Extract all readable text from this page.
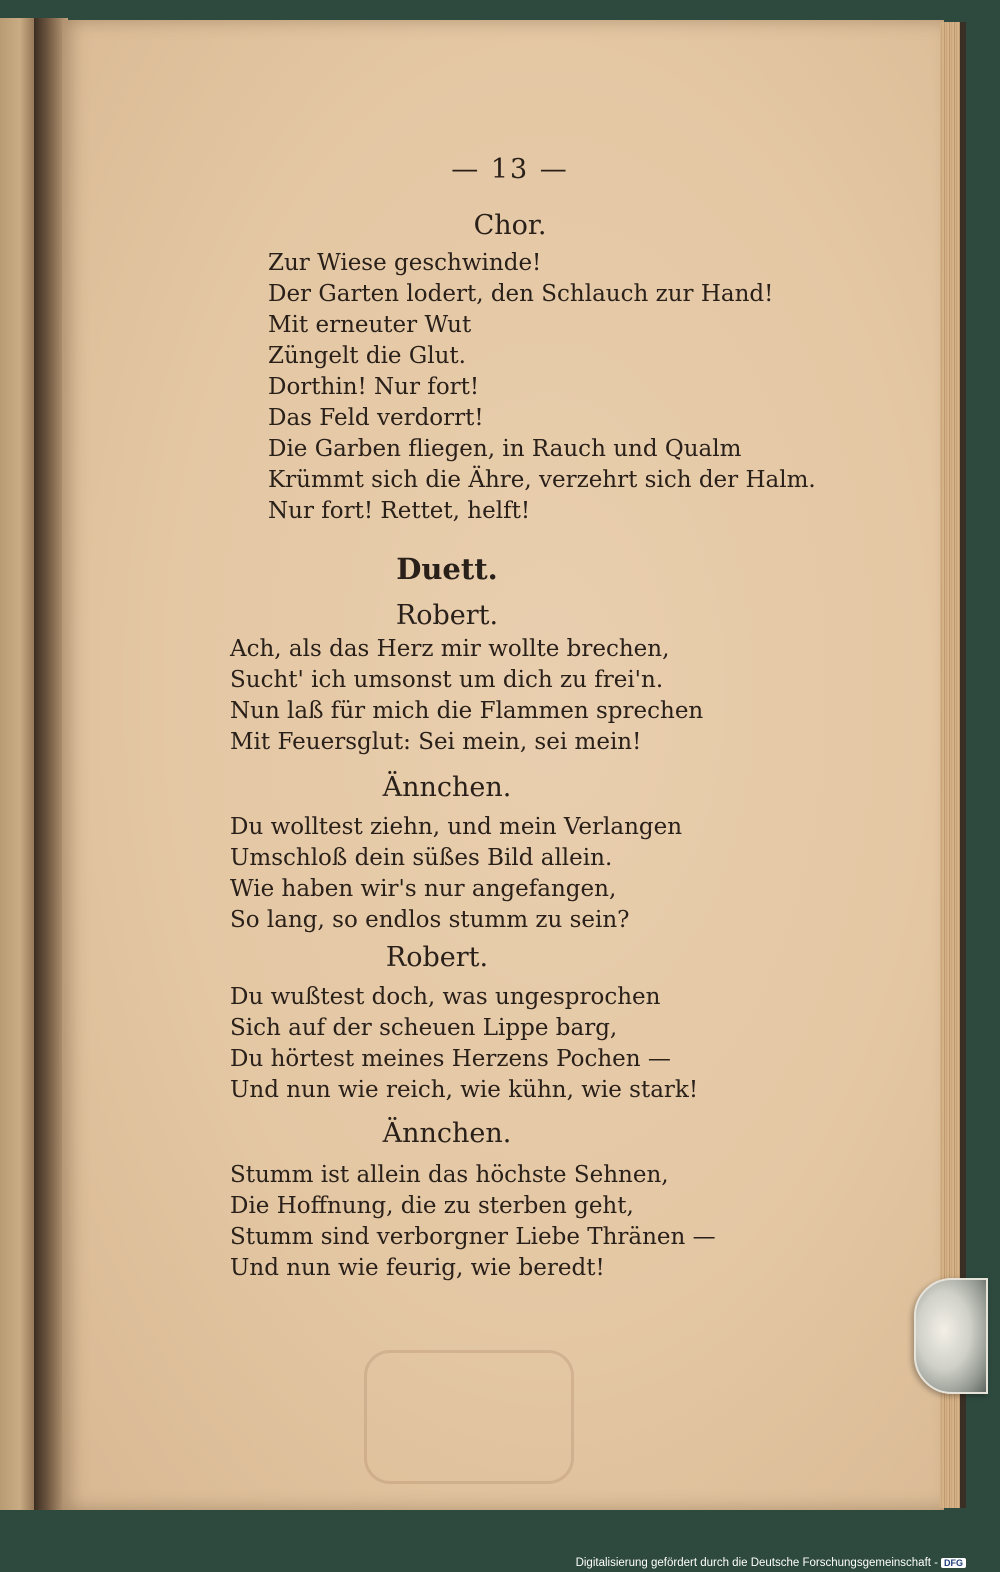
— 13 —
Chor.
Zur Wiese geschwinde!
Der Garten lodert, den Schlauch zur Hand!
Mit erneuter Wut
Züngelt die Glut.
Dorthin! Nur fort!
Das Feld verdorrt!
Die Garben fliegen, in Rauch und Qualm
Krümmt sich die Ähre, verzehrt sich der Halm.
Nur fort! Rettet, helft!
Duett.
Robert.
Ach, als das Herz mir wollte brechen,
Sucht' ich umsonst um dich zu frei'n.
Nun laß für mich die Flammen sprechen
Mit Feuersglut: Sei mein, sei mein!
Ännchen.
Du wolltest ziehn, und mein Verlangen
Umschloß dein süßes Bild allein.
Wie haben wir's nur angefangen,
So lang, so endlos stumm zu sein?
Robert.
Du wußtest doch, was ungesprochen
Sich auf der scheuen Lippe barg,
Du hörtest meines Herzens Pochen —
Und nun wie reich, wie kühn, wie stark!
Ännchen.
Stumm ist allein das höchste Sehnen,
Die Hoffnung, die zu sterben geht,
Stumm sind verborgner Liebe Thränen —
Und nun wie feurig, wie beredt!
Digitalisierung gefördert durch die Deutsche Forschungsgemeinschaft - DFG
